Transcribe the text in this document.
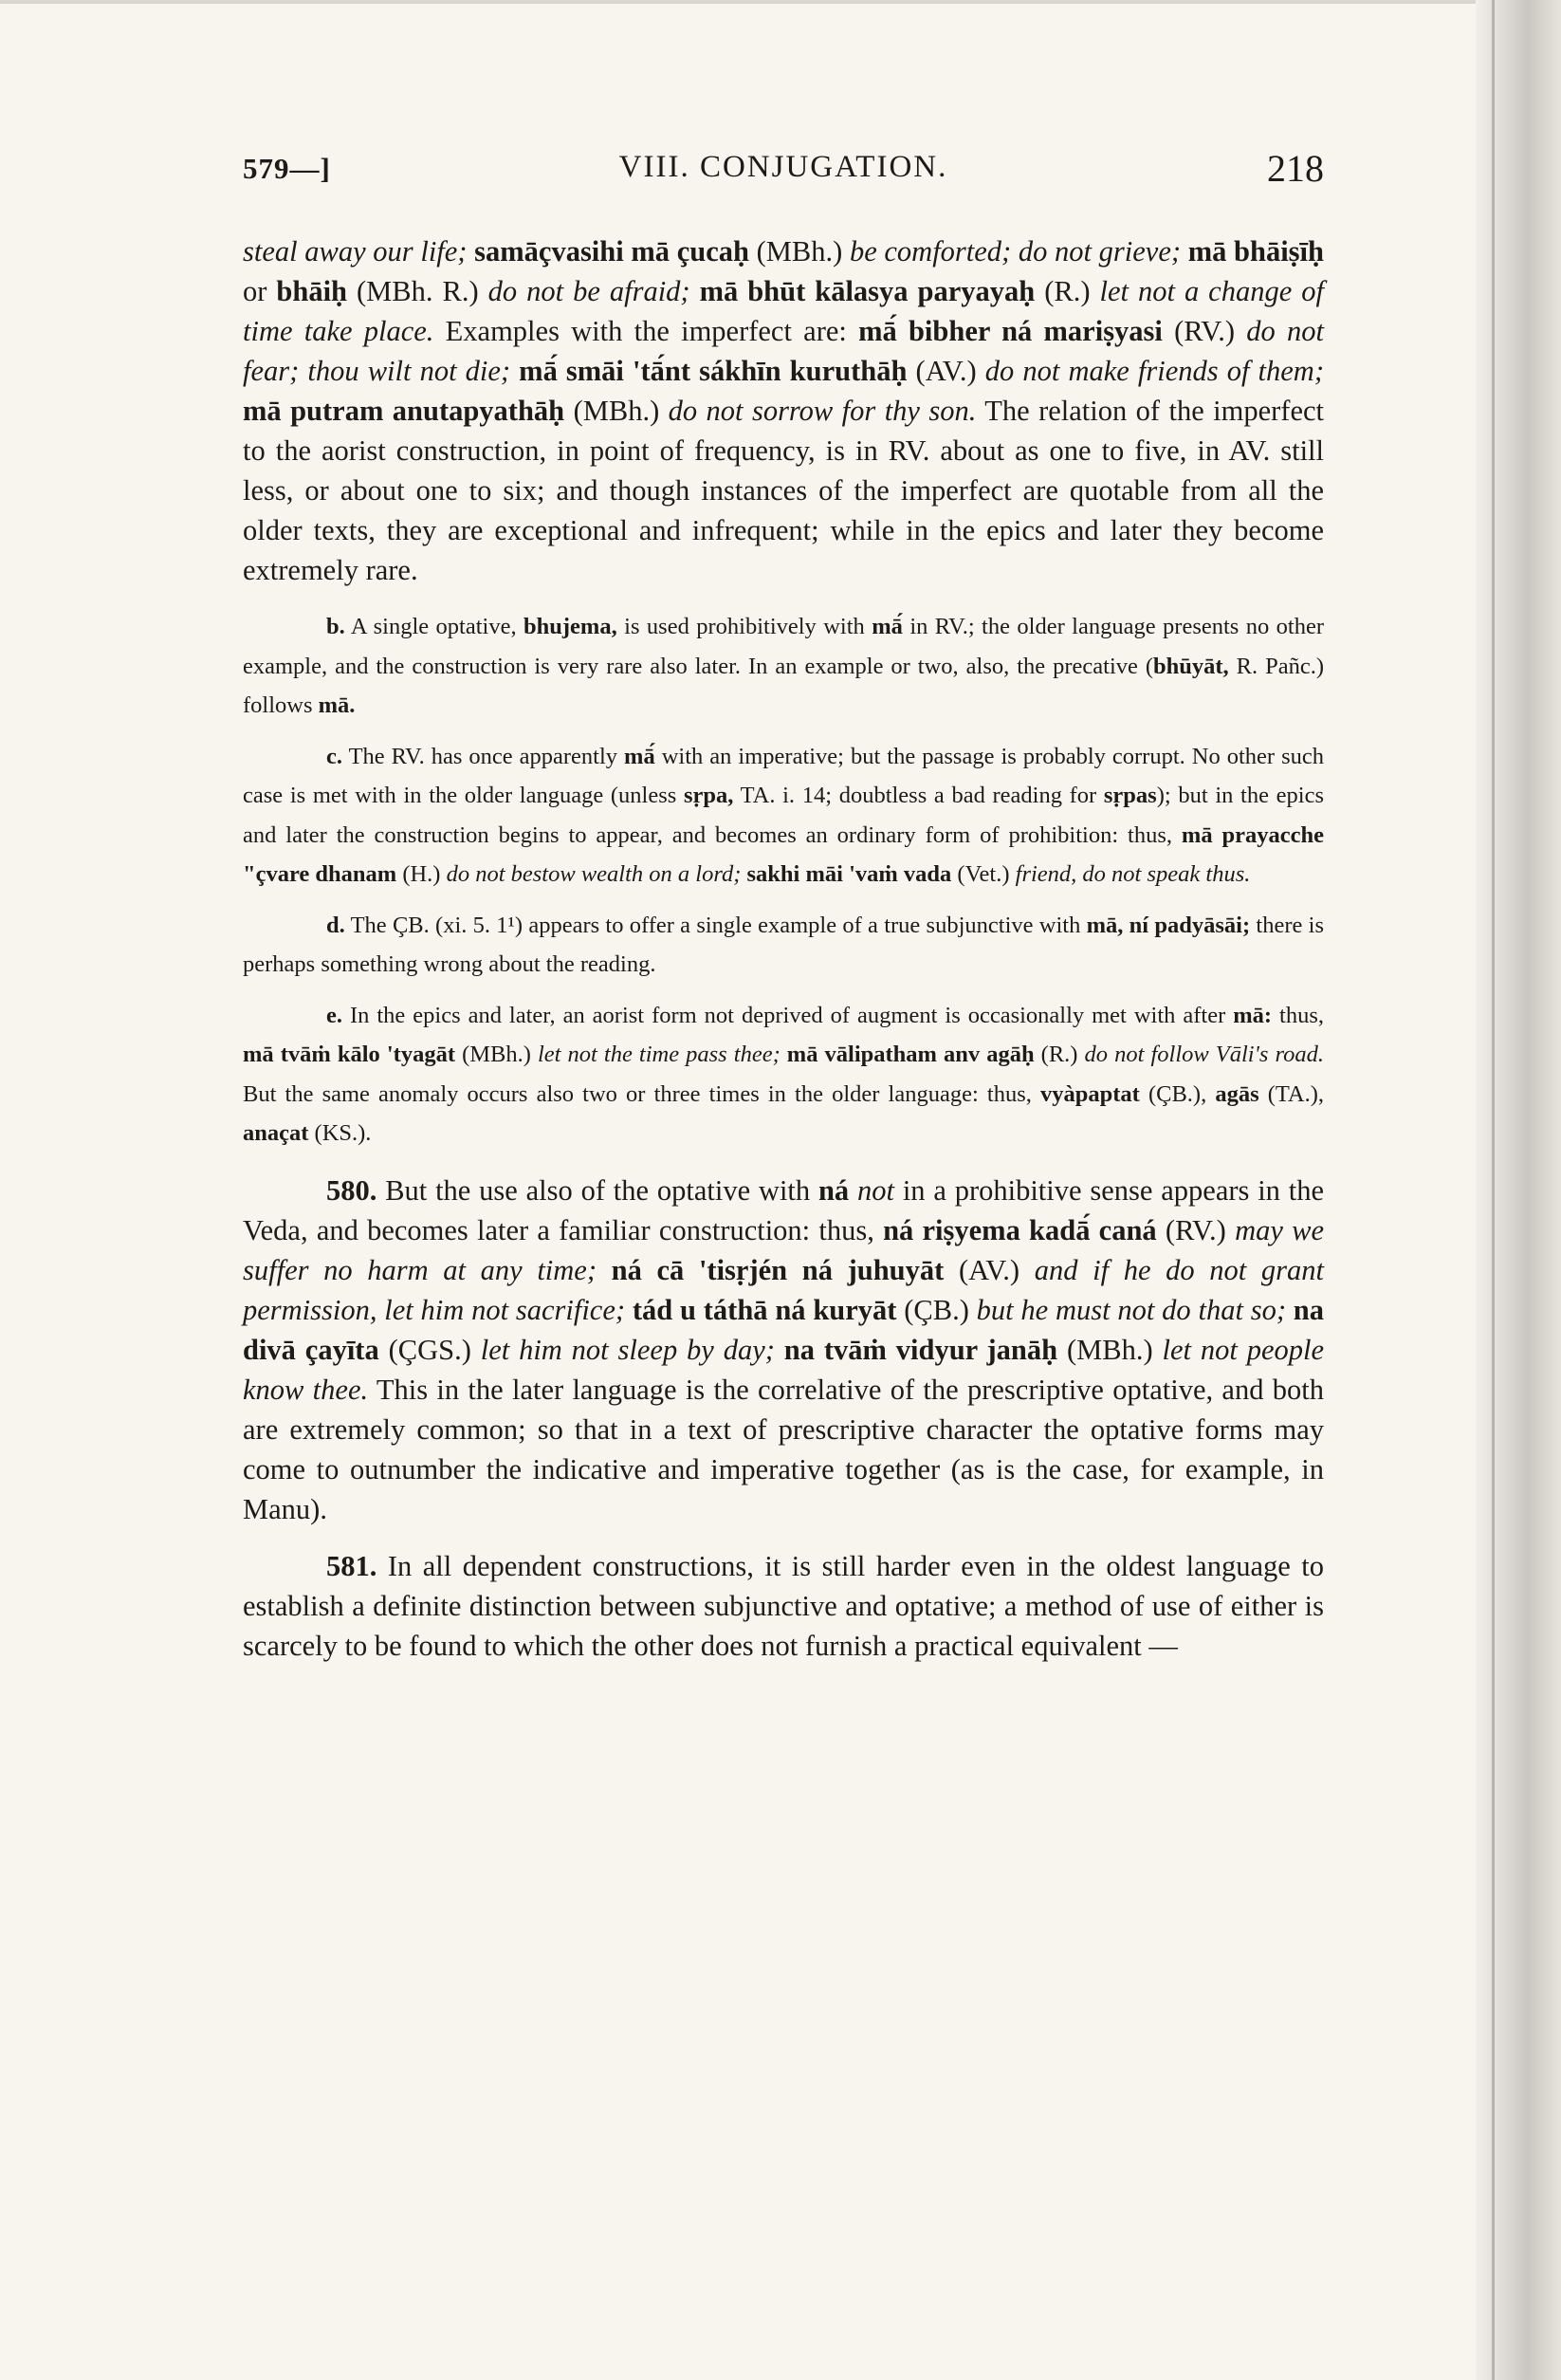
579—]	VIII. CONJUGATION.	218

steal away our life; samāçvasihi mā çucaḥ (MBh.) be comforted; do not grieve; mā bhāiṣīḥ or bhāiḥ (MBh. R.) do not be afraid; mā bhūt kālasya paryayaḥ (R.) let not a change of time take place. Examples with the imperfect are: mā́ bibher ná mariṣyasi (RV.) do not fear; thou wilt not die; mā́ smāi 'tā́nt sákhīn kuruthāḥ (AV.) do not make friends of them; mā putram anutapyathāḥ (MBh.) do not sorrow for thy son. The relation of the imperfect to the aorist construction, in point of frequency, is in RV. about as one to five, in AV. still less, or about one to six; and though instances of the imperfect are quotable from all the older texts, they are exceptional and infrequent; while in the epics and later they become extremely rare.

b. A single optative, bhujema, is used prohibitively with mā́ in RV.; the older language presents no other example, and the construction is very rare also later. In an example or two, also, the precative (bhūyāt, R. Pañc.) follows mā.

c. The RV. has once apparently mā́ with an imperative; but the passage is probably corrupt. No other such case is met with in the older language (unless sṛpa, TA. i. 14; doubtless a bad reading for sṛpas); but in the epics and later the construction begins to appear, and becomes an ordinary form of prohibition: thus, mā prayacche "çvare dhanam (H.) do not bestow wealth on a lord; sakhi māi 'vaṁ vada (Vet.) friend, do not speak thus.

d. The ÇB. (xi. 5. 1¹) appears to offer a single example of a true subjunctive with mā, ní padyāsāi; there is perhaps something wrong about the reading.

e. In the epics and later, an aorist form not deprived of augment is occasionally met with after mā: thus, mā tvāṁ kālo 'tyagāt (MBh.) let not the time pass thee; mā vālipatham anv agāḥ (R.) do not follow Vāli's road. But the same anomaly occurs also two or three times in the older language: thus, vyàpaptat (ÇB.), agās (TA.), anaçat (KS.).

580. But the use also of the optative with ná not in a prohibitive sense appears in the Veda, and becomes later a familiar construction: thus, ná riṣyema kadā́ caná (RV.) may we suffer no harm at any time; ná cā 'tisṛjén ná juhuyāt (AV.) and if he do not grant permission, let him not sacrifice; tád u táthā ná kuryāt (ÇB.) but he must not do that so; na divā çayīta (ÇGS.) let him not sleep by day; na tvāṁ vidyur janāḥ (MBh.) let not people know thee. This in the later language is the correlative of the prescriptive optative, and both are extremely common; so that in a text of prescriptive character the optative forms may come to outnumber the indicative and imperative together (as is the case, for example, in Manu).

581. In all dependent constructions, it is still harder even in the oldest language to establish a definite distinction between subjunctive and optative; a method of use of either is scarcely to be found to which the other does not furnish a practical equivalent —
